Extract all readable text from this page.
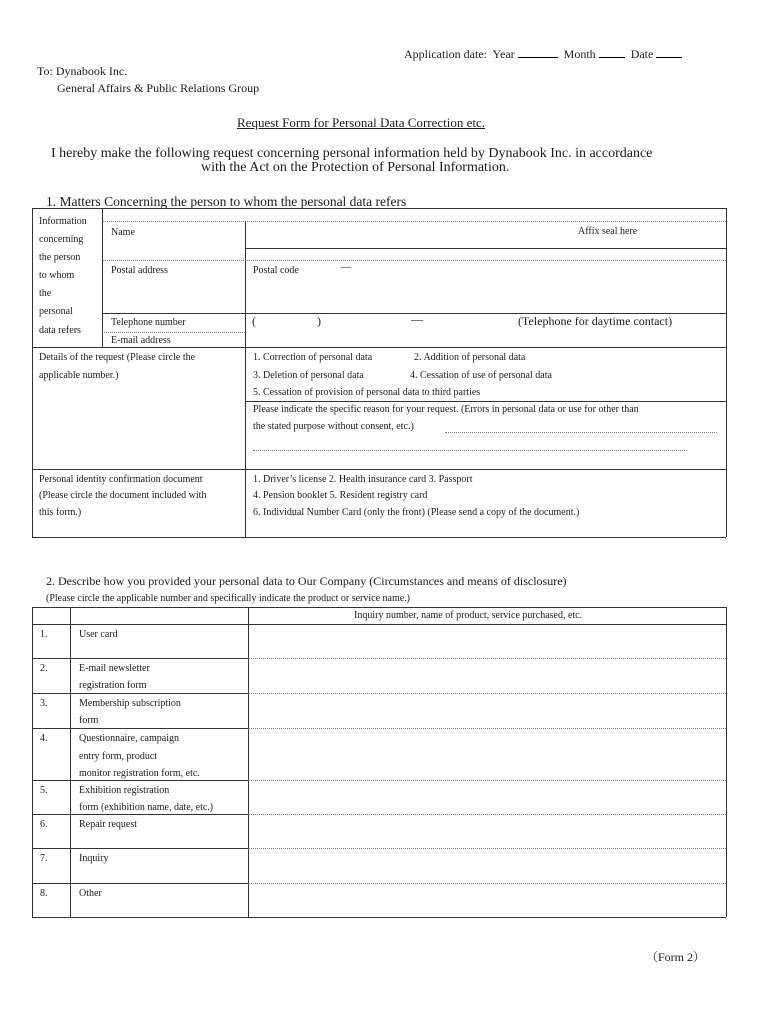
Application date: Year	Month	Date
To: Dynabook Inc.
General Affairs & Public Relations Group
Request Form for Personal Data Correction etc.
I hereby make the following request concerning personal information held by Dynabook Inc. in accordance
with the Act on the Protection of Personal Information.
1. Matters Concerning the person to whom the personal data refers
Information
concerning
the person
to whom
the
personal
data refers
Name	Affix seal here
Postal address	Postal code	—
Telephone number	(	)	—	(Telephone for daytime contact)
E-mail address
Details of the request (Please circle the
applicable number.)
1. Correction of personal data	2. Addition of personal data
3. Deletion of personal data	4. Cessation of use of personal data
5. Cessation of provision of personal data to third parties
Please indicate the specific reason for your request. (Errors in personal data or use for other than
the stated purpose without consent, etc.)
Personal identity confirmation document
(Please circle the document included with
this form.)
1. Driver’s license 2. Health insurance card 3. Passport
4. Pension booklet 5. Resident registry card
6. Individual Number Card (only the front) (Please send a copy of the document.)
2. Describe how you provided your personal data to Our Company (Circumstances and means of disclosure)
(Please circle the applicable number and specifically indicate the product or service name.)
Inquiry number, name of product, service purchased, etc.
1.	User card
2.	E-mail newsletter
registration form
3.	Membership subscription
form
4.	Questionnaire, campaign
entry form, product
monitor registration form, etc.
5.	Exhibition registration
form (exhibition name, date, etc.)
6.	Repair request
7.	Inquiry
8.	Other
（Form 2）
